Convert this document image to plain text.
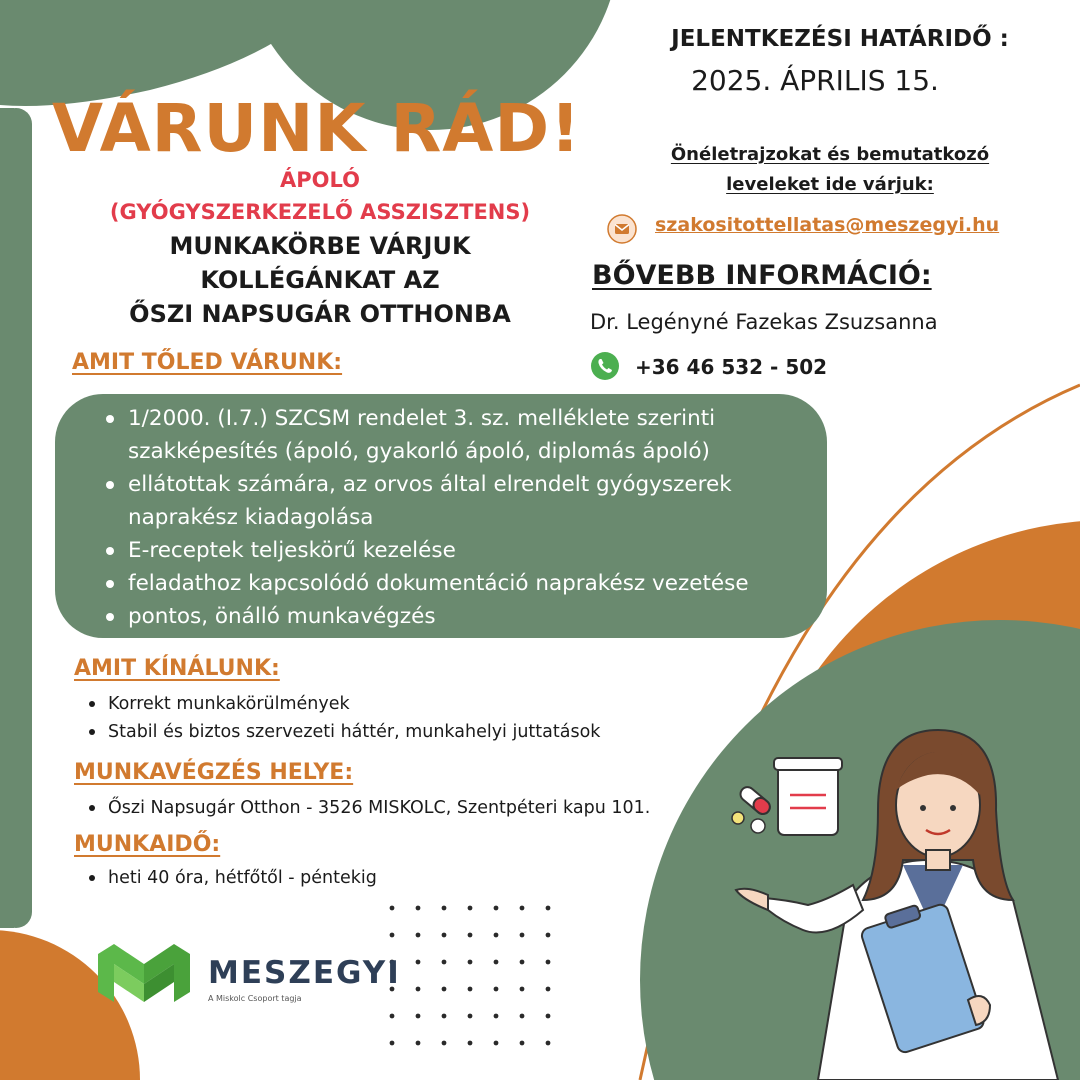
VÁRUNK RÁD!
ÁPOLÓ
(GYÓGYSZERKEZELŐ ASSZISZTENS)
MUNKAKÖRBE VÁRJUK
KOLLÉGÁNKAT AZ
ŐSZI NAPSUGÁR OTTHONBA
JELENTKEZÉSI HATÁRIDŐ :
2025. ÁPRILIS 15.
Önéletrajzokat és bemutatkozó
leveleket ide várjuk:
szakositottellatas@meszegyi.hu
BŐVEBB INFORMÁCIÓ:
Dr. Legényné Fazekas Zsuzsanna
+36 46 532 - 502
AMIT TŐLED VÁRUNK:
1/2000. (I.7.) SZCSM rendelet 3. sz. melléklete szerinti szakképesítés (ápoló, gyakorló ápoló, diplomás ápoló)
ellátottak számára, az orvos által elrendelt gyógyszerek naprakész kiadagolása
E-receptek teljeskörű kezelése
feladathoz kapcsolódó dokumentáció naprakész vezetése
pontos, önálló munkavégzés
AMIT KÍNÁLUNK:
Korrekt munkakörülmények
Stabil és biztos szervezeti háttér, munkahelyi juttatások
MUNKAVÉGZÉS HELYE:
Őszi Napsugár Otthon - 3526 MISKOLC, Szentpéteri kapu 101.
MUNKAIDŐ:
heti 40 óra, hétfőtől - péntekig
MESZEGYI
A Miskolc Csoport tagja
